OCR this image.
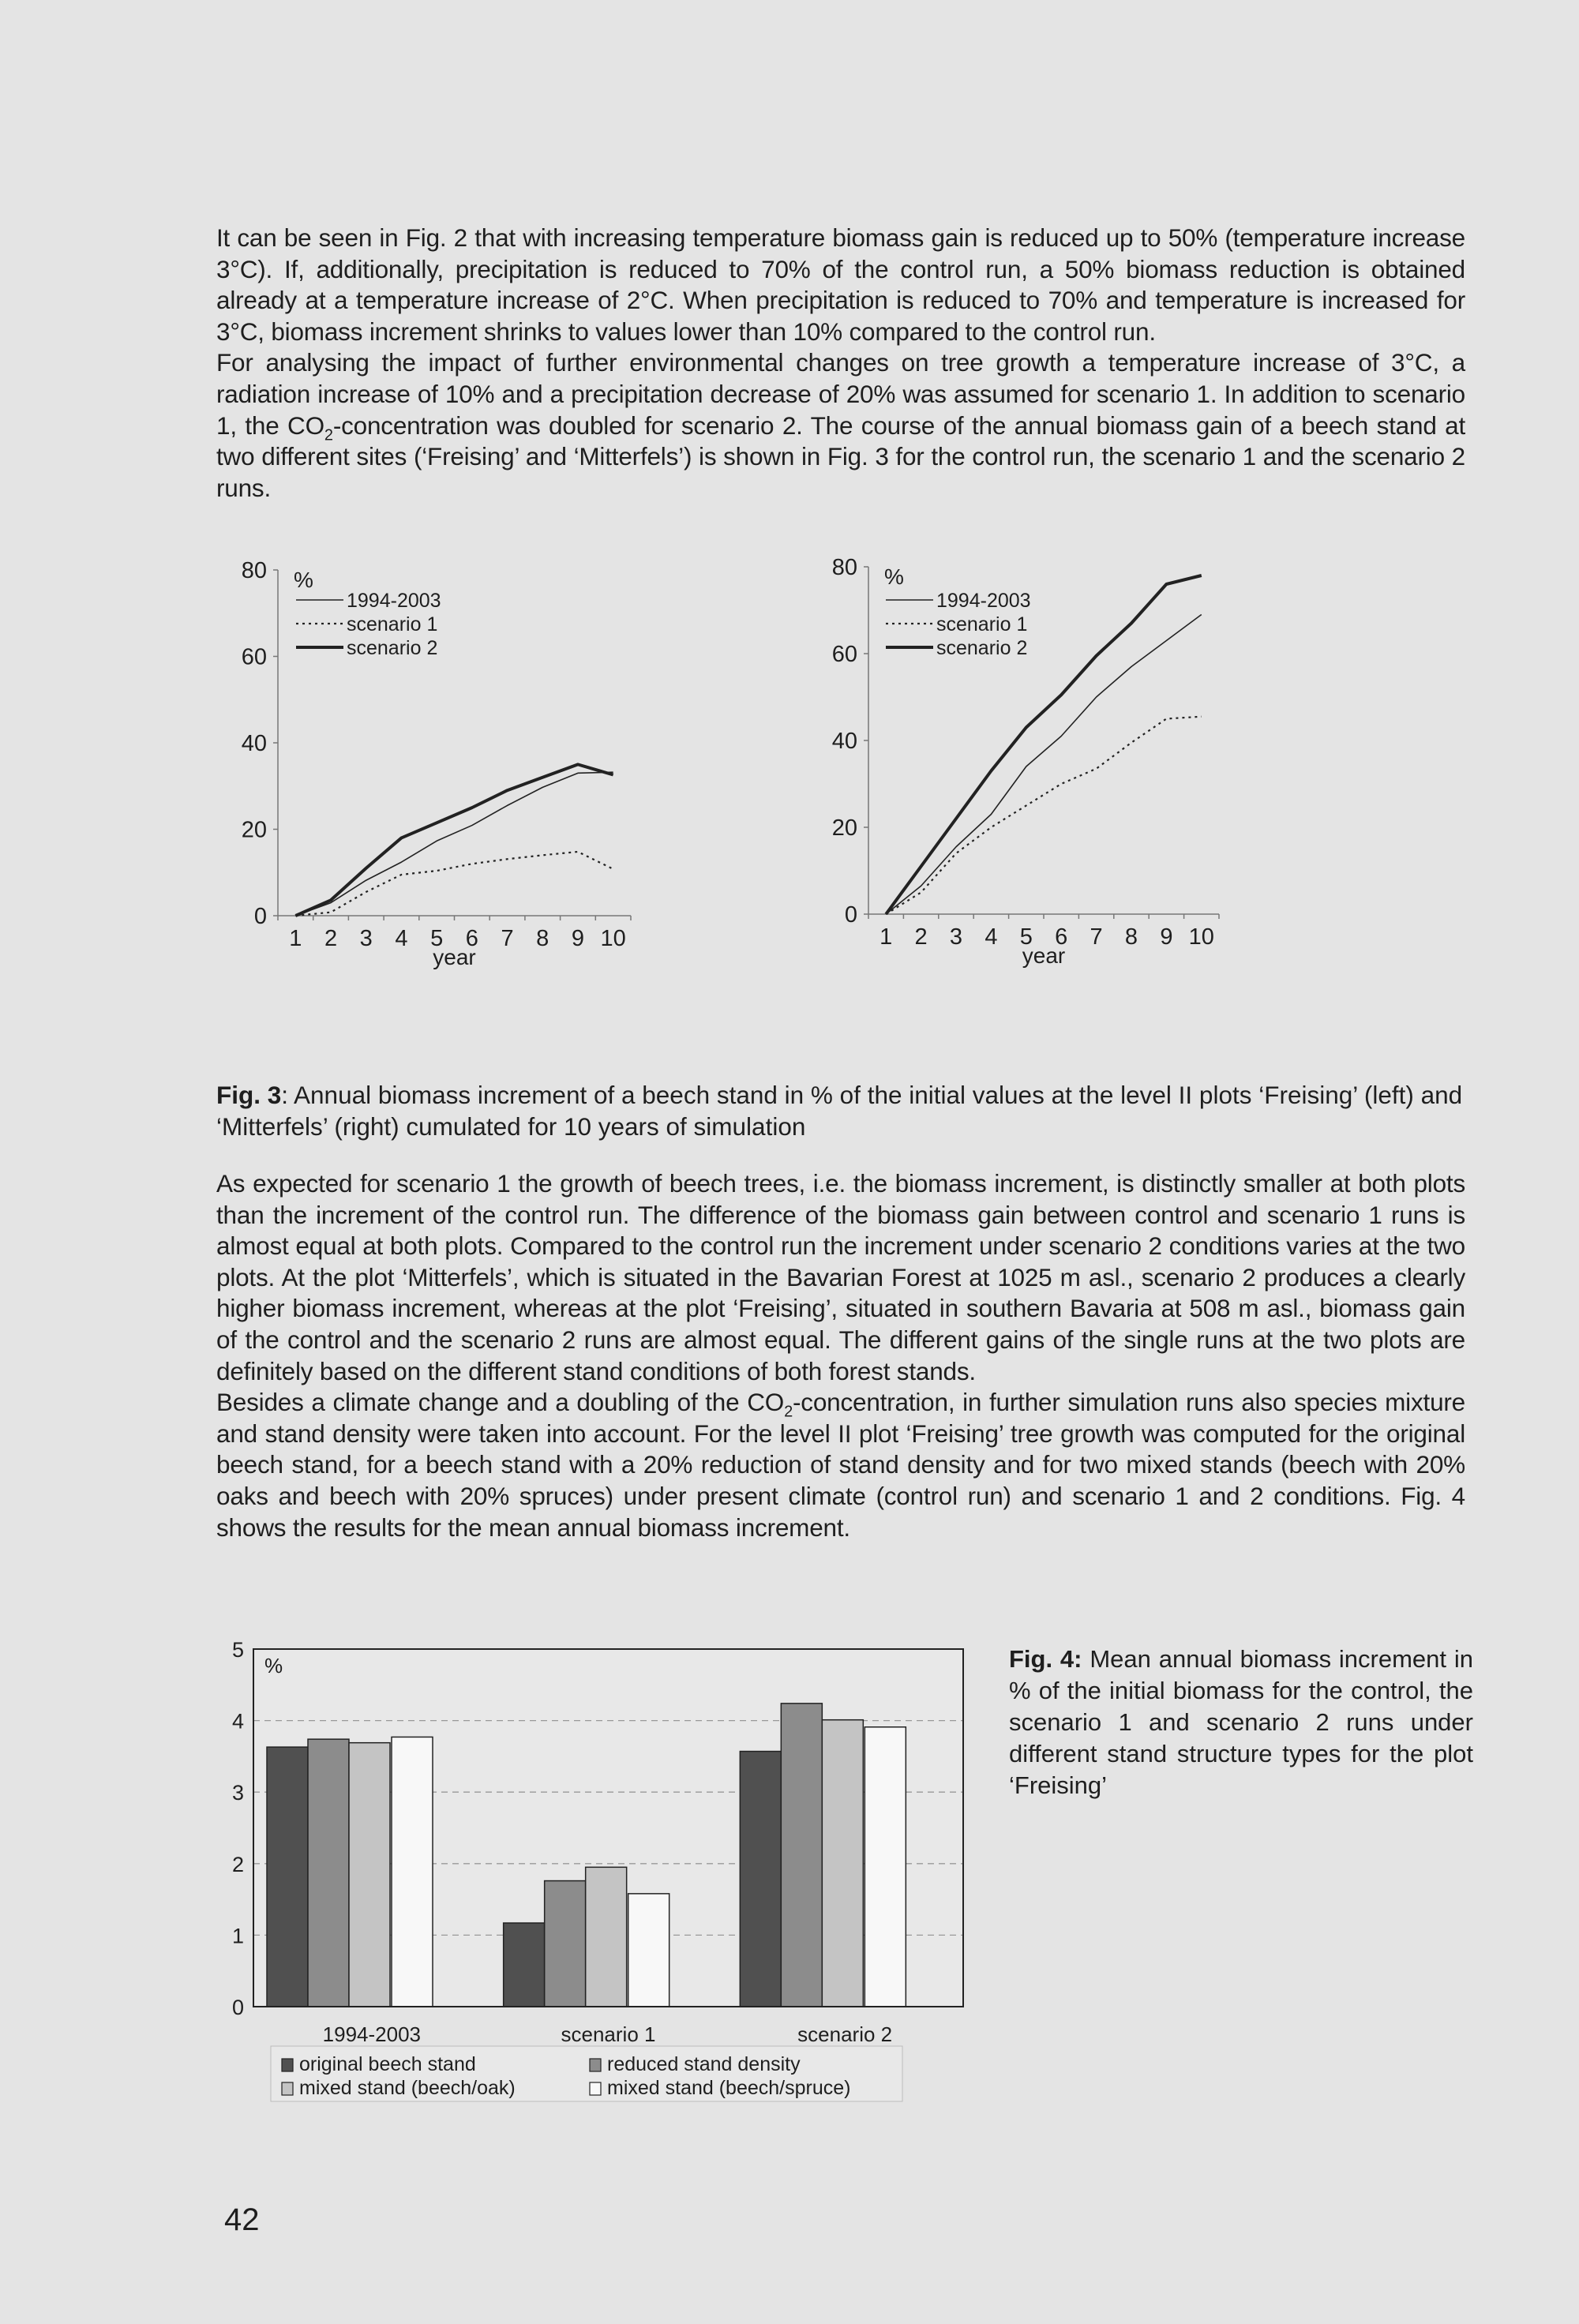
It can be seen in Fig. 2 that with increasing temperature biomass gain is reduced up to 50% (temperature increase 3°C). If, additionally, precipitation is reduced to 70% of the control run, a 50% biomass reduction is obtained already at a temperature increase of 2°C. When precipitation is reduced to 70% and temperature is increased for 3°C, biomass increment shrinks to values lower than 10% compared to the control run.

For analysing the impact of further environmental changes on tree growth a temperature increase of 3°C, a radiation increase of 10% and a precipitation decrease of 20% was assumed for scenario 1. In addition to scenario 1, the $CO_2$-concentration was doubled for scenario 2. The course of the annual biomass gain of a beech stand at two different sites (‘Freising’ and ‘Mitterfels’) is shown in Fig. 3 for the control run, the scenario 1 and the scenario 2 runs.

0
20
40
60
80
1 2 3 4 5 6 7 8 9 10
year
%
1994-2003
scenario 1
scenario 2
0
20
40
60
80
1 2 3 4 5 6 7 8 9 10
year
%
1994-2003
scenario 1
scenario 2
Fig. 3: Annual biomass increment of a beech stand in % of the initial values at the level II plots ‘Freising’ (left) and ‘Mitterfels’ (right) cumulated for 10 years of simulation

As expected for scenario 1 the growth of beech trees, i.e. the biomass increment, is distinctly smaller at both plots than the increment of the control run. The difference of the biomass gain between control and scenario 1 runs is almost equal at both plots. Compared to the control run the increment under scenario 2 conditions varies at the two plots. At the plot ‘Mitterfels’, which is situated in the Bavarian Forest at 1025 m asl., scenario 2 produces a clearly higher biomass increment, whereas at the plot ‘Freising’, situated in southern Bavaria at 508 m asl., biomass gain of the control and the scenario 2 runs are almost equal. The different gains of the single runs at the two plots are definitely based on the different stand conditions of both forest stands.

Besides a climate change and a doubling of the $CO_2$-concentration, in further simulation runs also species mixture and stand density were taken into account. For the level II plot ‘Freising’ tree growth was computed for the original beech stand, for a beech stand with a 20% reduction of stand density and for two mixed stands (beech with 20% oaks and beech with 20% spruces) under present climate (control run) and scenario 1 and 2 conditions. Fig. 4 shows the results for the mean annual biomass increment.

0
1
2
3
4
5
%
1994-2003	scenario 1	scenario 2
original beech stand	reduced stand density
mixed stand (beech/oak)	mixed stand (beech/spruce)
Fig. 4: Mean annual biomass increment in % of the initial biomass for the control, the scenario 1 and scenario 2 runs under different stand structure types for the plot ‘Freising’
42
